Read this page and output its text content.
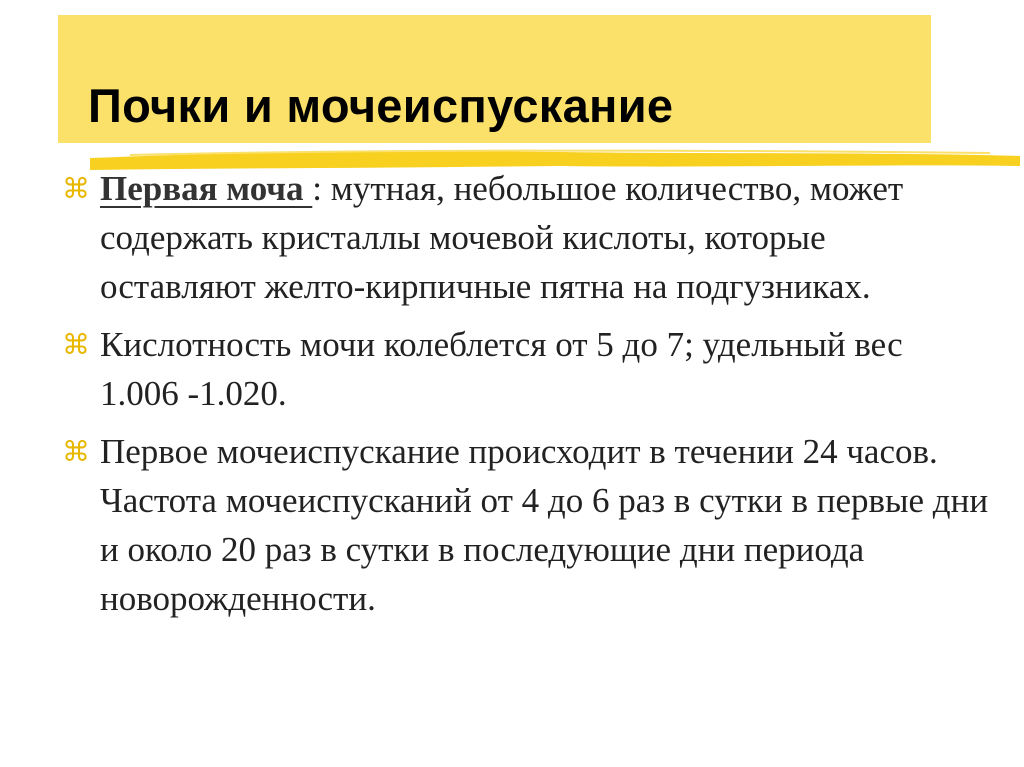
Почки и мочеиспускание
⌘ Первая моча : мутная, небольшое количество, может содержать кристаллы мочевой кислоты, которые оставляют желто-кирпичные пятна на подгузниках.
⌘ Кислотность мочи колеблется от 5 до 7; удельный вес 1.006 -1.020.
⌘ Первое мочеиспускание происходит в течении 24 часов. Частота мочеиспусканий от 4 до 6 раз в сутки в первые дни и около 20 раз в сутки в последующие дни периода новорожденности.
